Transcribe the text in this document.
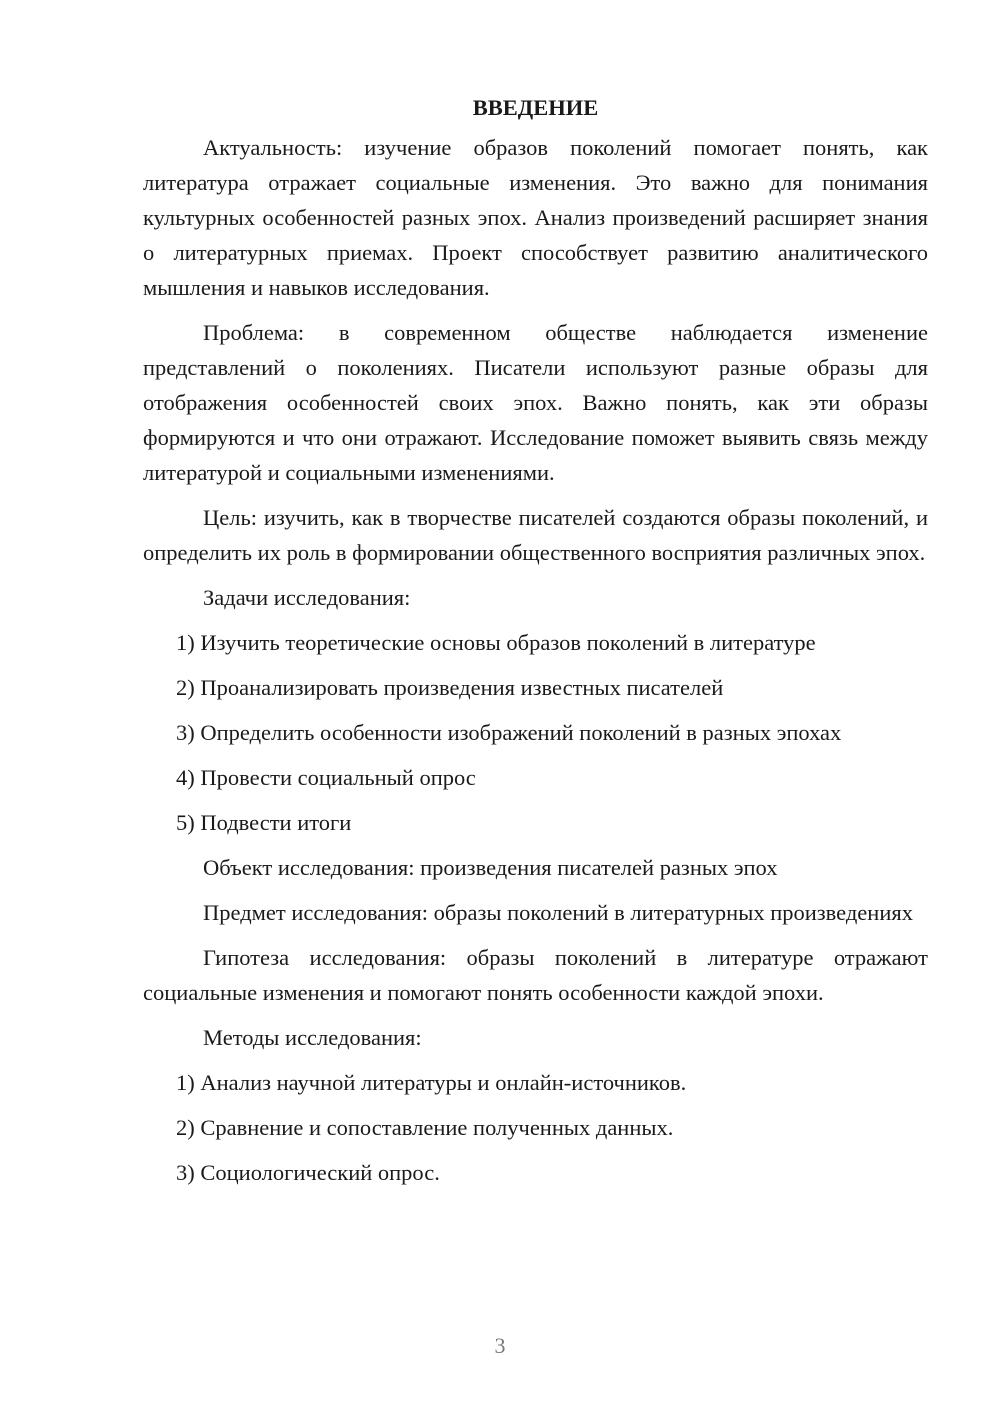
ВВЕДЕНИЕ

Актуальность: изучение образов поколений помогает понять, как литература отражает социальные изменения. Это важно для понимания культурных особенностей разных эпох. Анализ произведений расширяет знания о литературных приемах. Проект способствует развитию аналитического мышления и навыков исследования.

Проблема: в современном обществе наблюдается изменение представлений о поколениях. Писатели используют разные образы для отображения особенностей своих эпох. Важно понять, как эти образы формируются и что они отражают. Исследование поможет выявить связь между литературой и социальными изменениями.

Цель: изучить, как в творчестве писателей создаются образы поколений, и определить их роль в формировании общественного восприятия различных эпох.

Задачи исследования:

1) Изучить теоретические основы образов поколений в литературе

2) Проанализировать произведения известных писателей

3) Определить особенности изображений поколений в разных эпохах

4) Провести социальный опрос

5) Подвести итоги

Объект исследования: произведения писателей разных эпох

Предмет исследования: образы поколений в литературных произведениях

Гипотеза исследования: образы поколений в литературе отражают социальные изменения и помогают понять особенности каждой эпохи.

Методы исследования:

1) Анализ научной литературы и онлайн-источников.

2) Сравнение и сопоставление полученных данных.

3) Социологический опрос.

3
